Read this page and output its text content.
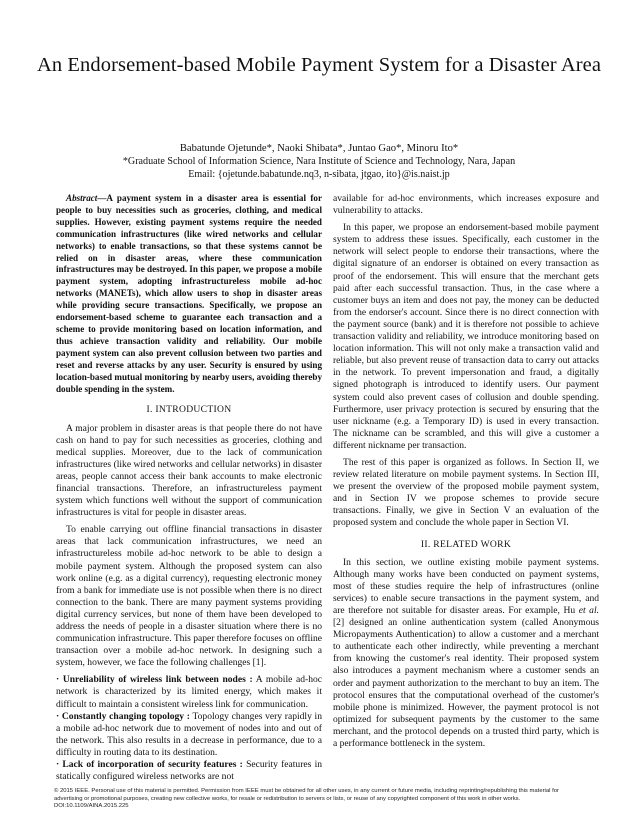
An Endorsement-based Mobile Payment System for a Disaster Area
Babatunde Ojetunde*, Naoki Shibata*, Juntao Gao*, Minoru Ito*
*Graduate School of Information Science, Nara Institute of Science and Technology, Nara, Japan
Email: {ojetunde.babatunde.nq3, n-sibata, jtgao, ito}@is.naist.jp

Abstract—A payment system in a disaster area is essential for people to buy necessities such as groceries, clothing, and medical supplies. However, existing payment systems require the needed communication infrastructures (like wired networks and cellular networks) to enable transactions, so that these systems cannot be relied on in disaster areas, where these communication infrastructures may be destroyed. In this paper, we propose a mobile payment system, adopting infrastructureless mobile ad-hoc networks (MANETs), which allow users to shop in disaster areas while providing secure transactions. Specifically, we propose an endorsement-based scheme to guarantee each transaction and a scheme to provide monitoring based on location information, and thus achieve transaction validity and reliability. Our mobile payment system can also prevent collusion between two parties and reset and reverse attacks by any user. Security is ensured by using location-based mutual monitoring by nearby users, avoiding thereby double spending in the system.

I. INTRODUCTION

A major problem in disaster areas is that people there do not have cash on hand to pay for such necessities as groceries, clothing and medical supplies. Moreover, due to the lack of communication infrastructures (like wired networks and cellular networks) in disaster areas, people cannot access their bank accounts to make electronic financial transactions. Therefore, an infrastructureless payment system which functions well without the support of communication infrastructures is vital for people in disaster areas.

To enable carrying out offline financial transactions in disaster areas that lack communication infrastructures, we need an infrastructureless mobile ad-hoc network to be able to design a mobile payment system. Although the proposed system can also work online (e.g. as a digital currency), requesting electronic money from a bank for immediate use is not possible when there is no direct connection to the bank. There are many payment systems providing digital currency services, but none of them have been developed to address the needs of people in a disaster situation where there is no communication infrastructure. This paper therefore focuses on offline transaction over a mobile ad-hoc network. In designing such a system, however, we face the following challenges [1].

· Unreliability of wireless link between nodes : A mobile ad-hoc network is characterized by its limited energy, which makes it difficult to maintain a consistent wireless link for communication.

· Constantly changing topology : Topology changes very rapidly in a mobile ad-hoc network due to movement of nodes into and out of the network. This also results in a decrease in performance, due to a difficulty in routing data to its destination.

· Lack of incorporation of security features : Security features in statically configured wireless networks are not

available for ad-hoc environments, which increases exposure and vulnerability to attacks.

In this paper, we propose an endorsement-based mobile payment system to address these issues. Specifically, each customer in the network will select people to endorse their transactions, where the digital signature of an endorser is obtained on every transaction as proof of the endorsement. This will ensure that the merchant gets paid after each successful transaction. Thus, in the case where a customer buys an item and does not pay, the money can be deducted from the endorser's account. Since there is no direct connection with the payment source (bank) and it is therefore not possible to achieve transaction validity and reliability, we introduce monitoring based on location information. This will not only make a transaction valid and reliable, but also prevent reuse of transaction data to carry out attacks in the network. To prevent impersonation and fraud, a digitally signed photograph is introduced to identify users. Our payment system could also prevent cases of collusion and double spending. Furthermore, user privacy protection is secured by ensuring that the user nickname (e.g. a Temporary ID) is used in every transaction. The nickname can be scrambled, and this will give a customer a different nickname per transaction.

The rest of this paper is organized as follows. In Section II, we review related literature on mobile payment systems. In Section III, we present the overview of the proposed mobile payment system, and in Section IV we propose schemes to provide secure transactions. Finally, we give in Section V an evaluation of the proposed system and conclude the whole paper in Section VI.

II. RELATED WORK

In this section, we outline existing mobile payment systems. Although many works have been conducted on payment systems, most of these studies require the help of infrastructures (online services) to enable secure transactions in the payment system, and are therefore not suitable for disaster areas. For example, Hu et al. [2] designed an online authentication system (called Anonymous Micropayments Authentication) to allow a customer and a merchant to authenticate each other indirectly, while preventing a merchant from knowing the customer's real identity. Their proposed system also introduces a payment mechanism where a customer sends an order and payment authorization to the merchant to buy an item. The protocol ensures that the computational overhead of the customer's mobile phone is minimized. However, the payment protocol is not optimized for subsequent payments by the customer to the same merchant, and the protocol depends on a trusted third party, which is a performance bottleneck in the system.

© 2015 IEEE. Personal use of this material is permitted. Permission from IEEE must be obtained for all other uses, in any current or future media, including reprinting/republishing this material for advertising or promotional purposes, creating new collective works, for resale or redistribution to servers or lists, or reuse of any copyrighted component of this work in other works. DOI:10.1109/AINA.2015.225
